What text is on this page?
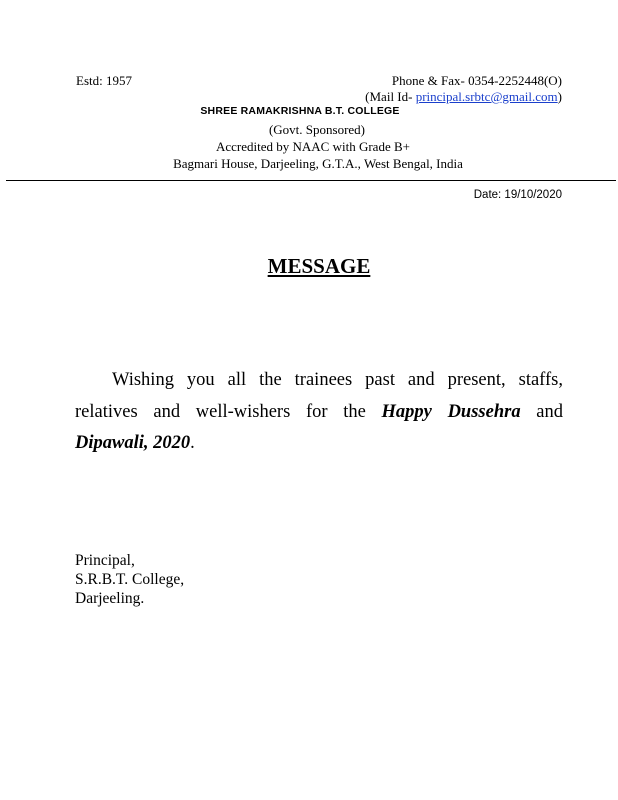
Estd: 1957	Phone & Fax- 0354-2252448(O)
(Mail Id- principal.srbtc@gmail.com)
SHREE RAMAKRISHNA B.T. COLLEGE
(Govt. Sponsored)
Accredited by NAAC with Grade B+
Bagmari House, Darjeeling, G.T.A., West Bengal, India
Date: 19/10/2020
MESSAGE
Wishing you all the trainees past and present, staffs, relatives and well-wishers for the Happy Dussehra and Dipawali, 2020.
Principal,
S.R.B.T. College,
Darjeeling.
